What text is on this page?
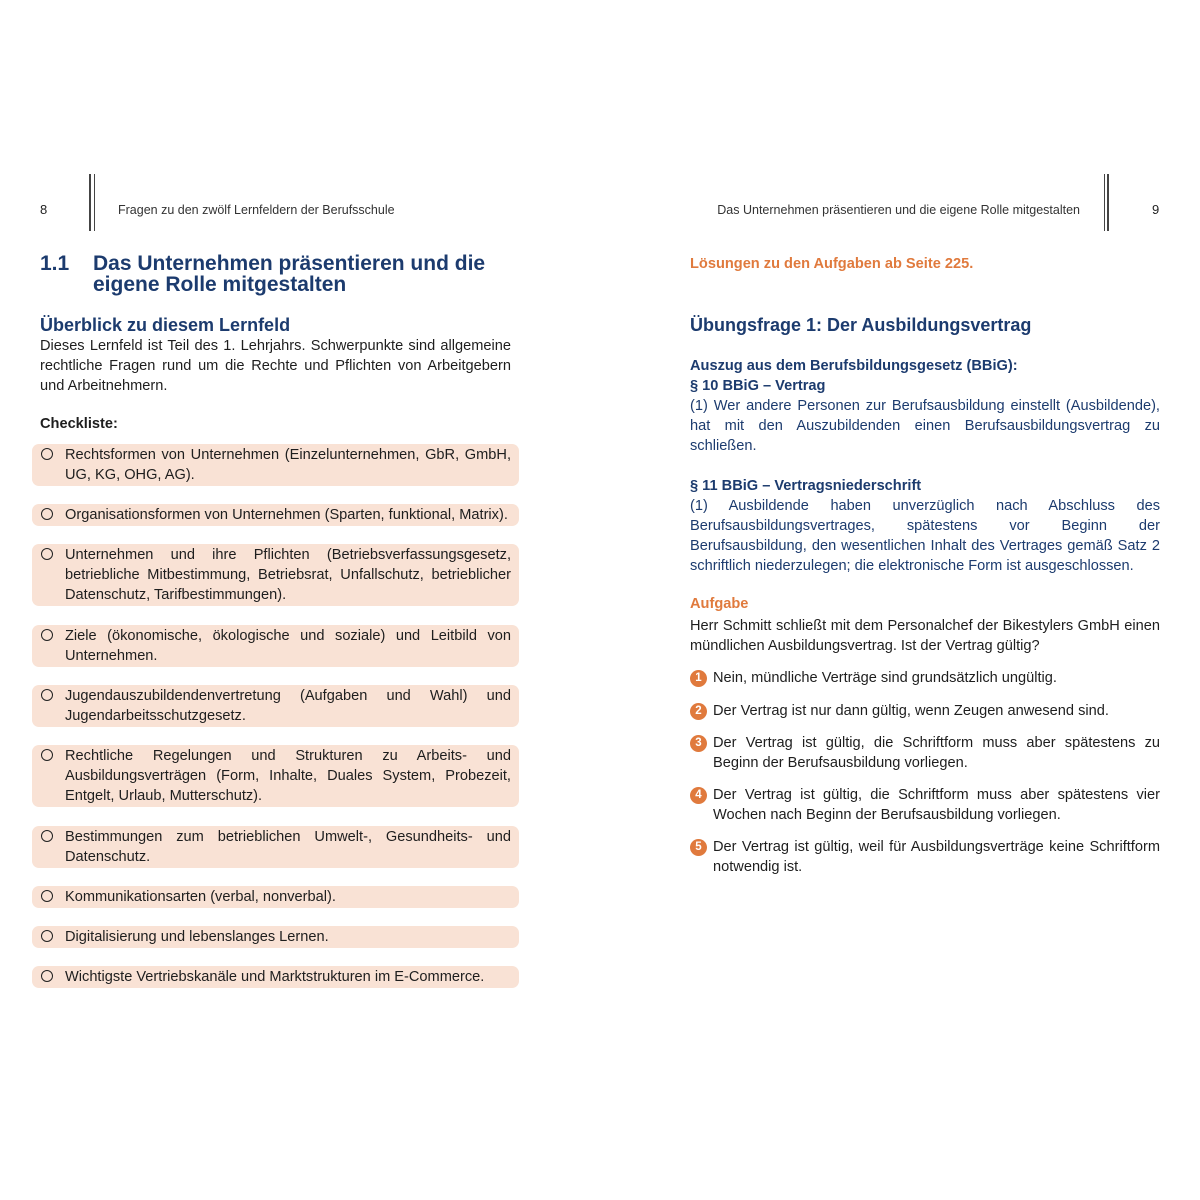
8	Fragen zu den zwölf Lernfeldern der Berufsschule
1.1 Das Unternehmen präsentieren und die eigene Rolle mitgestalten
Überblick zu diesem Lernfeld
Dieses Lernfeld ist Teil des 1. Lehrjahrs. Schwerpunkte sind allgemeine rechtliche Fragen rund um die Rechte und Pflichten von Arbeitgebern und Arbeitnehmern.
Checkliste:
Rechtsformen von Unternehmen (Einzelunternehmen, GbR, GmbH, UG, KG, OHG, AG).
Organisationsformen von Unternehmen (Sparten, funktional, Matrix).
Unternehmen und ihre Pflichten (Betriebsverfassungsgesetz, betriebliche Mitbestimmung, Betriebsrat, Unfallschutz, betrieblicher Datenschutz, Tarifbestimmungen).
Ziele (ökonomische, ökologische und soziale) und Leitbild von Unternehmen.
Jugendauszubildendenvertretung (Aufgaben und Wahl) und Jugendarbeitsschutzgesetz.
Rechtliche Regelungen und Strukturen zu Arbeits- und Ausbildungsverträgen (Form, Inhalte, Duales System, Probezeit, Entgelt, Urlaub, Mutterschutz).
Bestimmungen zum betrieblichen Umwelt-, Gesundheits- und Datenschutz.
Kommunikationsarten (verbal, nonverbal).
Digitalisierung und lebenslanges Lernen.
Wichtigste Vertriebskanäle und Marktstrukturen im E-Commerce.
Das Unternehmen präsentieren und die eigene Rolle mitgestalten	9
Lösungen zu den Aufgaben ab Seite 225.
Übungsfrage 1: Der Ausbildungsvertrag
Auszug aus dem Berufsbildungsgesetz (BBiG):
§ 10 BBiG – Vertrag
(1) Wer andere Personen zur Berufsausbildung einstellt (Ausbildende), hat mit den Auszubildenden einen Berufsausbildungsvertrag zu schließen.
§ 11 BBiG – Vertragsniederschrift
(1) Ausbildende haben unverzüglich nach Abschluss des Berufsausbildungsvertrages, spätestens vor Beginn der Berufsausbildung, den wesentlichen Inhalt des Vertrages gemäß Satz 2 schriftlich niederzulegen; die elektronische Form ist ausgeschlossen.
Aufgabe
Herr Schmitt schließt mit dem Personalchef der Bikestylers GmbH einen mündlichen Ausbildungsvertrag. Ist der Vertrag gültig?
1 Nein, mündliche Verträge sind grundsätzlich ungültig.
2 Der Vertrag ist nur dann gültig, wenn Zeugen anwesend sind.
3 Der Vertrag ist gültig, die Schriftform muss aber spätestens zu Beginn der Berufsausbildung vorliegen.
4 Der Vertrag ist gültig, die Schriftform muss aber spätestens vier Wochen nach Beginn der Berufsausbildung vorliegen.
5 Der Vertrag ist gültig, weil für Ausbildungsverträge keine Schriftform notwendig ist.
